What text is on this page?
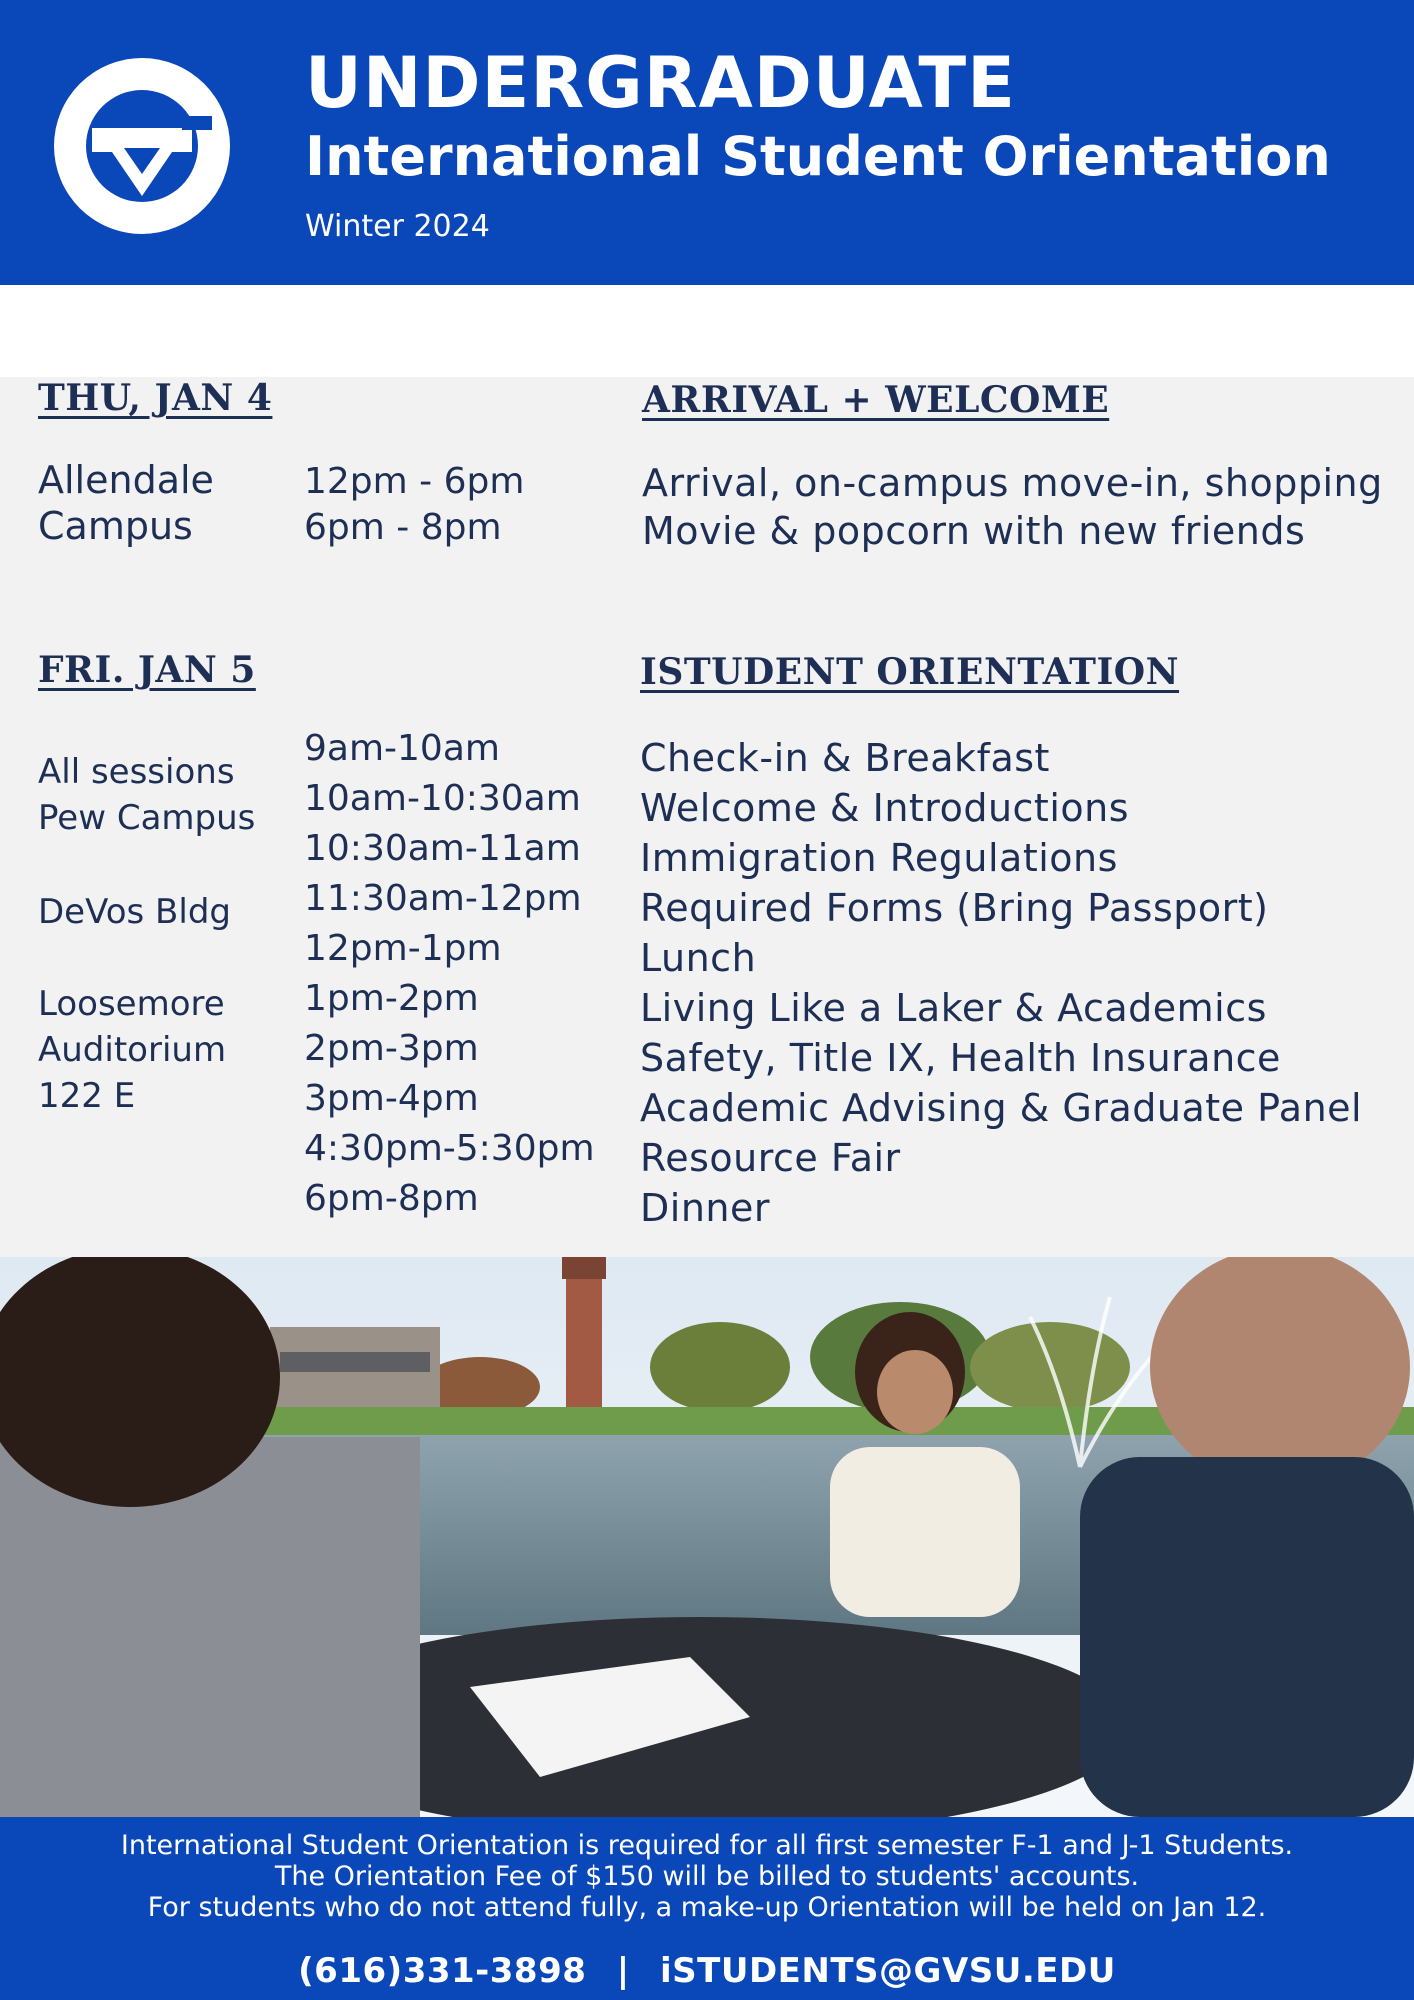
UNDERGRADUATE
International Student Orientation
Winter 2024
THU, JAN 4	ARRIVAL + WELCOME
Allendale
Campus
12pm - 6pm
6pm - 8pm
Arrival, on-campus move-in, shopping
Movie & popcorn with new friends
FRI. JAN 5	ISTUDENT ORIENTATION
All sessions
Pew Campus
DeVos Bldg
Loosemore
Auditorium
122 E
9am-10am
10am-10:30am
10:30am-11am
11:30am-12pm
12pm-1pm
1pm-2pm
2pm-3pm
3pm-4pm
4:30pm-5:30pm
6pm-8pm
Check-in & Breakfast
Welcome & Introductions
Immigration Regulations
Required Forms (Bring Passport)
Lunch
Living Like a Laker & Academics
Safety, Title IX, Health Insurance
Academic Advising & Graduate Panel
Resource Fair
Dinner
International Student Orientation is required for all first semester F-1 and J-1 Students.
The Orientation Fee of $150 will be billed to students' accounts.
For students who do not attend fully, a make-up Orientation will be held on Jan 12.
(616)331-3898 | iSTUDENTS@GVSU.EDU
